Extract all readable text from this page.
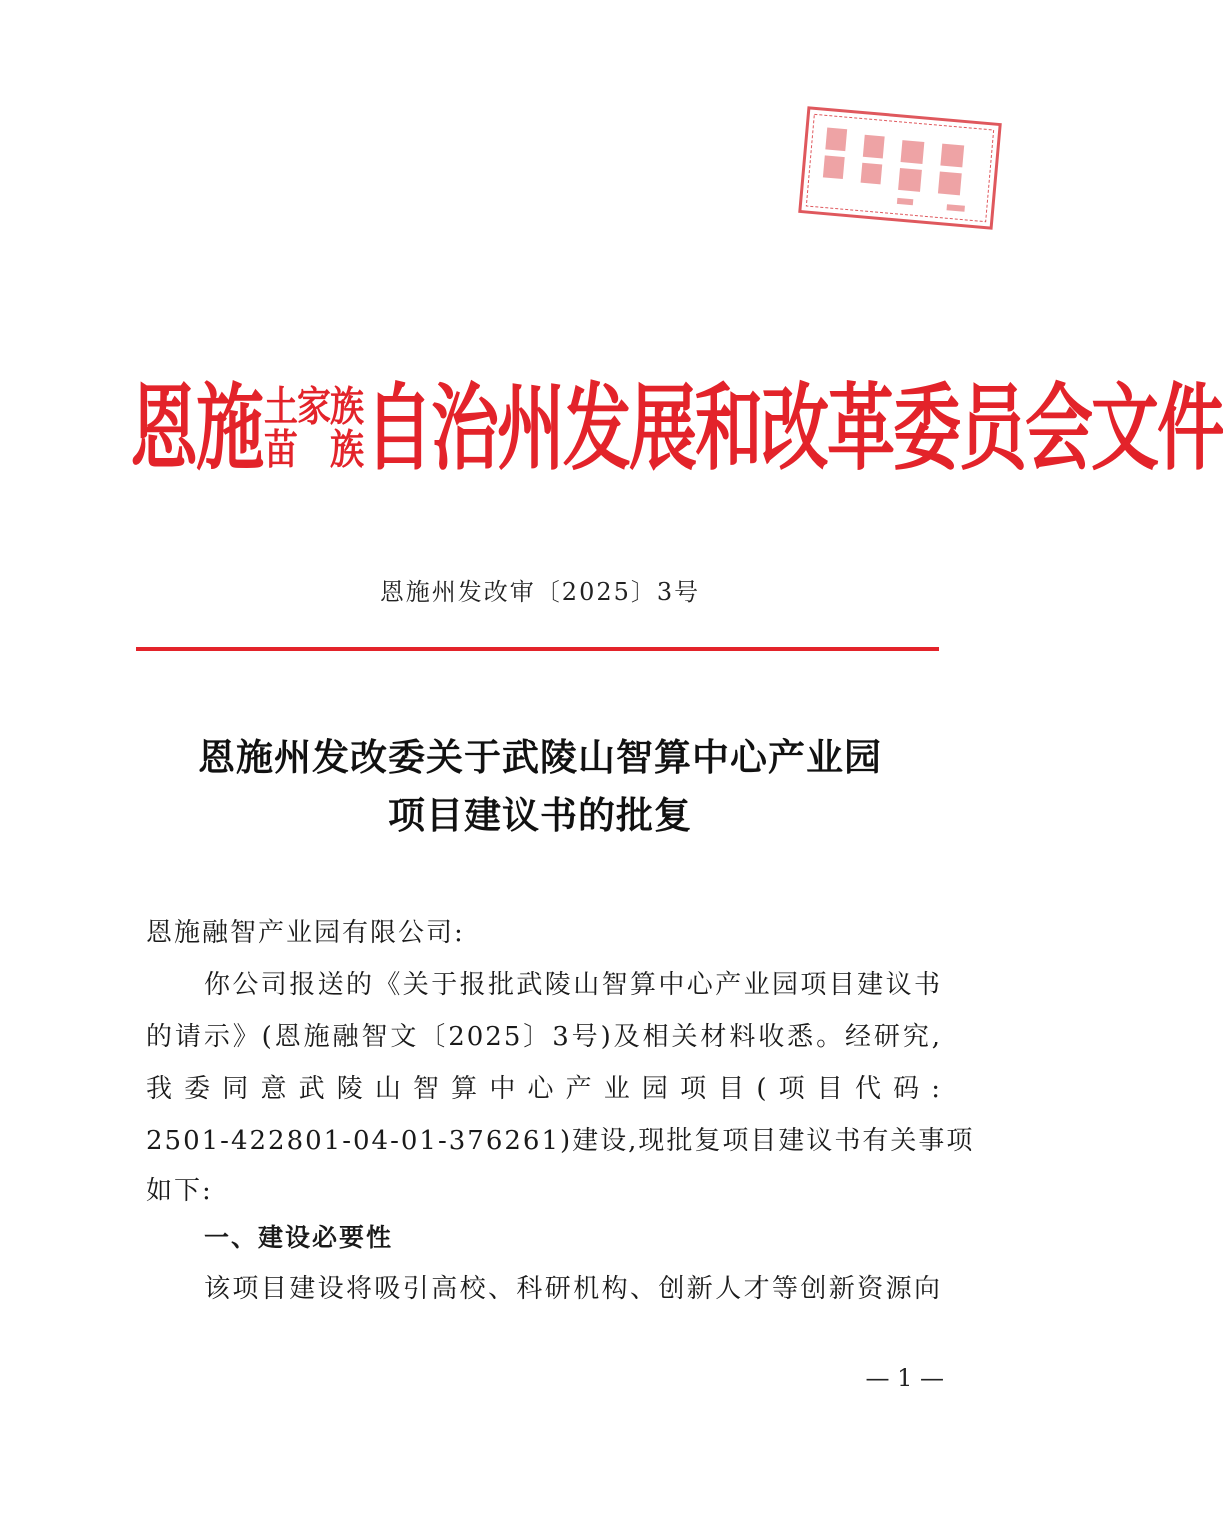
恩施 土家族
苗 族 自治州发展和改革委员会文件
恩施州发改审〔2025〕3号
恩施州发改委关于武陵山智算中心产业园
项目建议书的批复
恩施融智产业园有限公司:
你公司报送的《关于报批武陵山智算中心产业园项目建议书
的请示》(恩施融智文〔2025〕3号)及相关材料收悉。经研究,
我委同意武陵山智算中心产业园项目(项目代码:
2501-422801-04-01-376261)建设,现批复项目建议书有关事项
如下:
一、建设必要性
该项目建设将吸引高校、科研机构、创新人才等创新资源向
— 1 —
